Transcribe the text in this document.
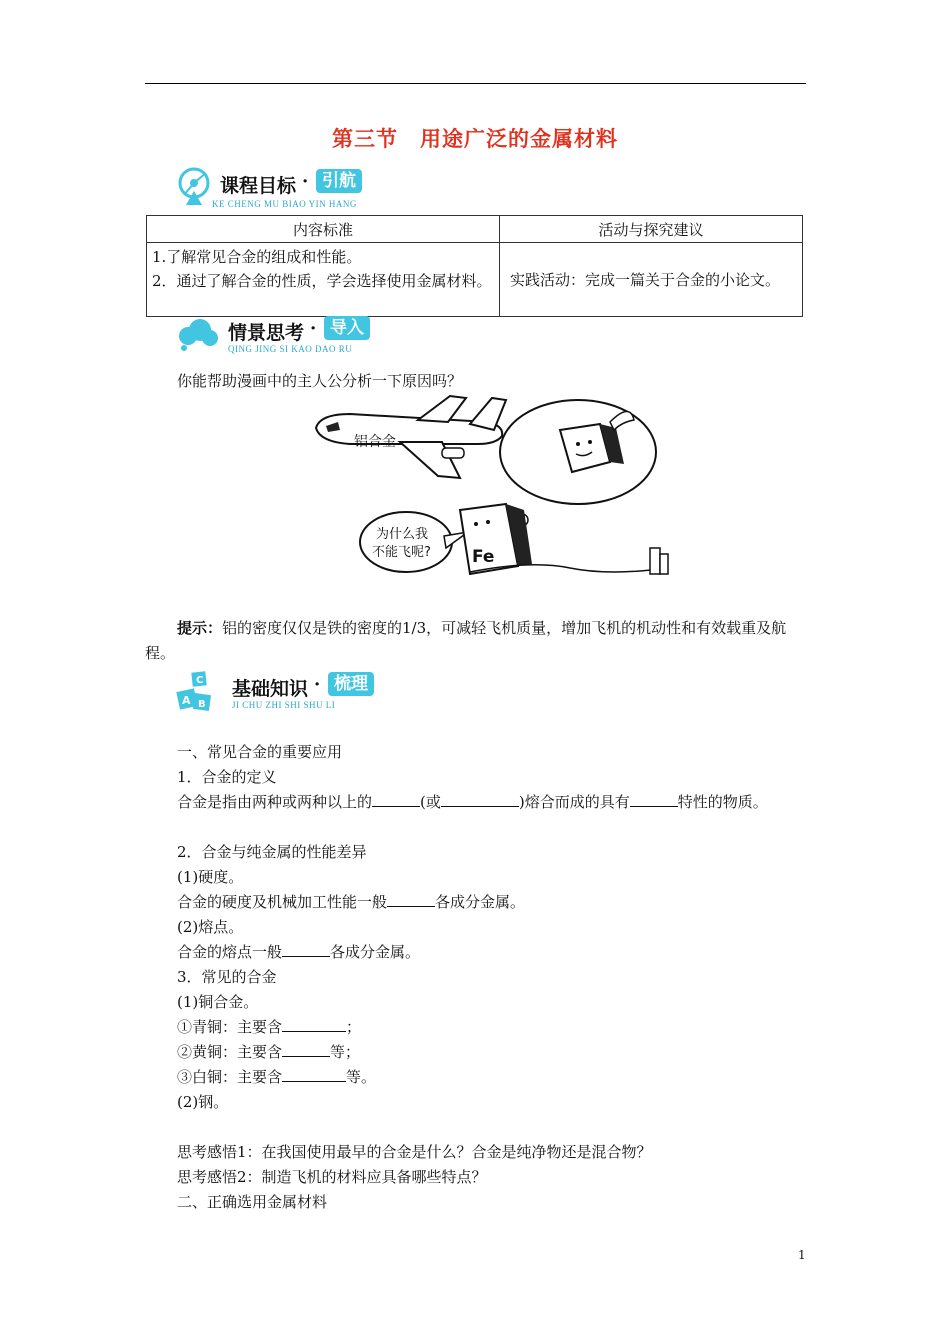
第三节　用途广泛的金属材料
课程目标 · 引航
KE CHENG MU BIAO YIN HANG
内容标准	活动与探究建议

1.了解常见合金的组成和性能。
2．通过了解合金的性质，学会选择使用金属材料。	实践活动：完成一篇关于合金的小论文。
情景思考 · 导入
QING JING SI KAO DAO RU
你能帮助漫画中的主人公分析一下原因吗？
铝合金
为什么我
不能飞呢? Fe
提示：铝的密度仅仅是铁的密度的1/3，可减轻飞机质量，增加飞机的机动性和有效载重及航程。
C
A B
基础知识 · 梳理
JI CHU ZHI SHI SHU LI
一、常见合金的重要应用
1．合金的定义
合金是指由两种或两种以上的	(或	)熔合而成的具有	特性的物质。
2．合金与纯金属的性能差异
(1)硬度。
合金的硬度及机械加工性能一般	各成分金属。
(2)熔点。
合金的熔点一般	各成分金属。
3．常见的合金
(1)铜合金。
①青铜：主要含	；
②黄铜：主要含	等；
③白铜：主要含	等。
(2)钢。
思考感悟1：在我国使用最早的合金是什么？合金是纯净物还是混合物？
思考感悟2：制造飞机的材料应具备哪些特点？
二、正确选用金属材料
1
